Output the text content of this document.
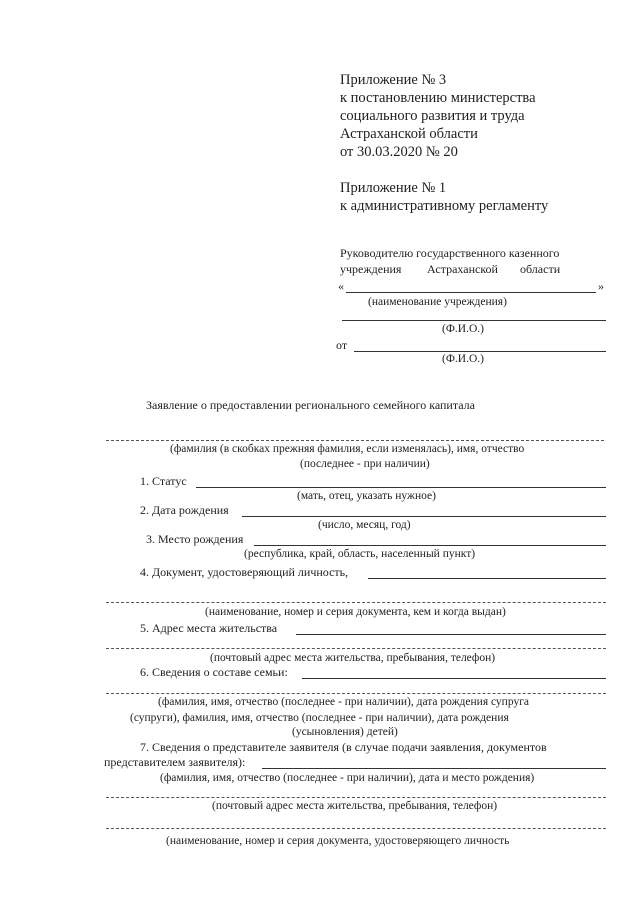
Приложение № 3
к постановлению министерства
социального развития и труда
Астраханской области
от 30.03.2020 № 20
Приложение № 1
к административному регламенту
Руководителю государственного казенного
учреждения Астраханской области
«	»
(наименование учреждения)
(Ф.И.О.)
от
(Ф.И.О.)
Заявление о предоставлении регионального семейного капитала
(фамилия (в скобках прежняя фамилия, если изменялась), имя, отчество
(последнее - при наличии)
1. Статус
(мать, отец, указать нужное)
2. Дата рождения
(число, месяц, год)
3. Место рождения
(республика, край, область, населенный пункт)
4. Документ, удостоверяющий личность,
(наименование, номер и серия документа, кем и когда выдан)
5. Адрес места жительства
(почтовый адрес места жительства, пребывания, телефон)
6. Сведения о составе семьи:
(фамилия, имя, отчество (последнее - при наличии), дата рождения супруга
(супруги), фамилия, имя, отчество (последнее - при наличии), дата рождения
(усыновления) детей)
7. Сведения о представителе заявителя (в случае подачи заявления, документов
представителем заявителя):
(фамилия, имя, отчество (последнее - при наличии), дата и место рождения)
(почтовый адрес места жительства, пребывания, телефон)
(наименование, номер и серия документа, удостоверяющего личность
